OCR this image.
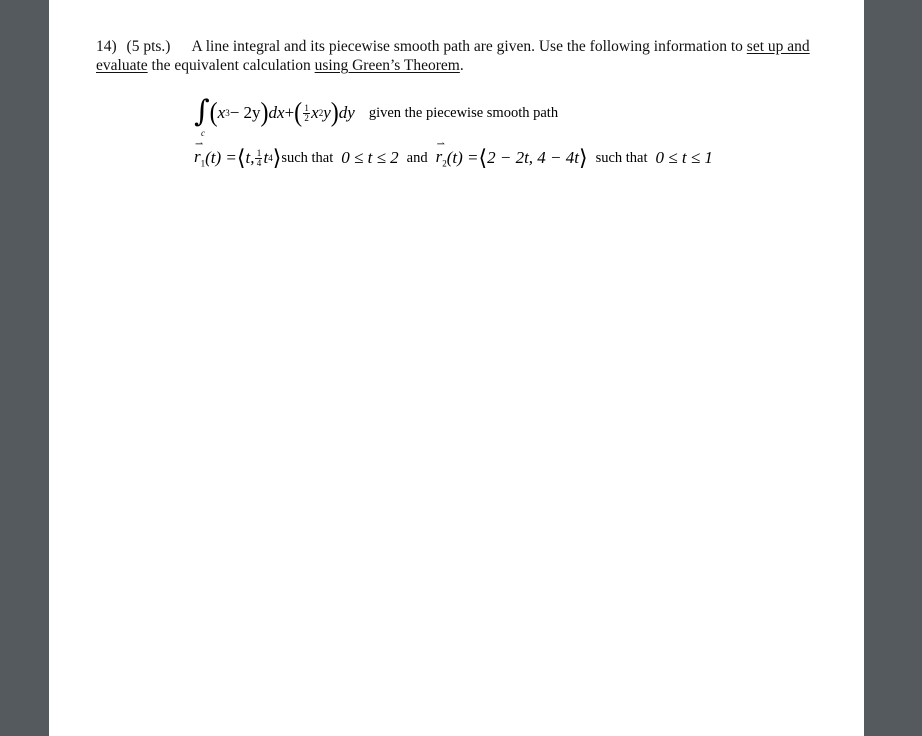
14) (5 pts.) A line integral and its piecewise smooth path are given. Use the following information to set up and evaluate the equivalent calculation using Green’s Theorem.
∫ ( x 3 − 2y ) dx + ( $\frac{1}{2}$ x 2 y ) dy given the piecewise smooth path
c
⇀
$r_1$ (t) = ⟨ t, $\frac{1}{4}$ t 4 ⟩ such that 0 ≤ t ≤ 2 and
⇀
$r_2$ (t) = ⟨ 2 − 2t, 4 − 4t ⟩ such that 0 ≤ t ≤ 1
